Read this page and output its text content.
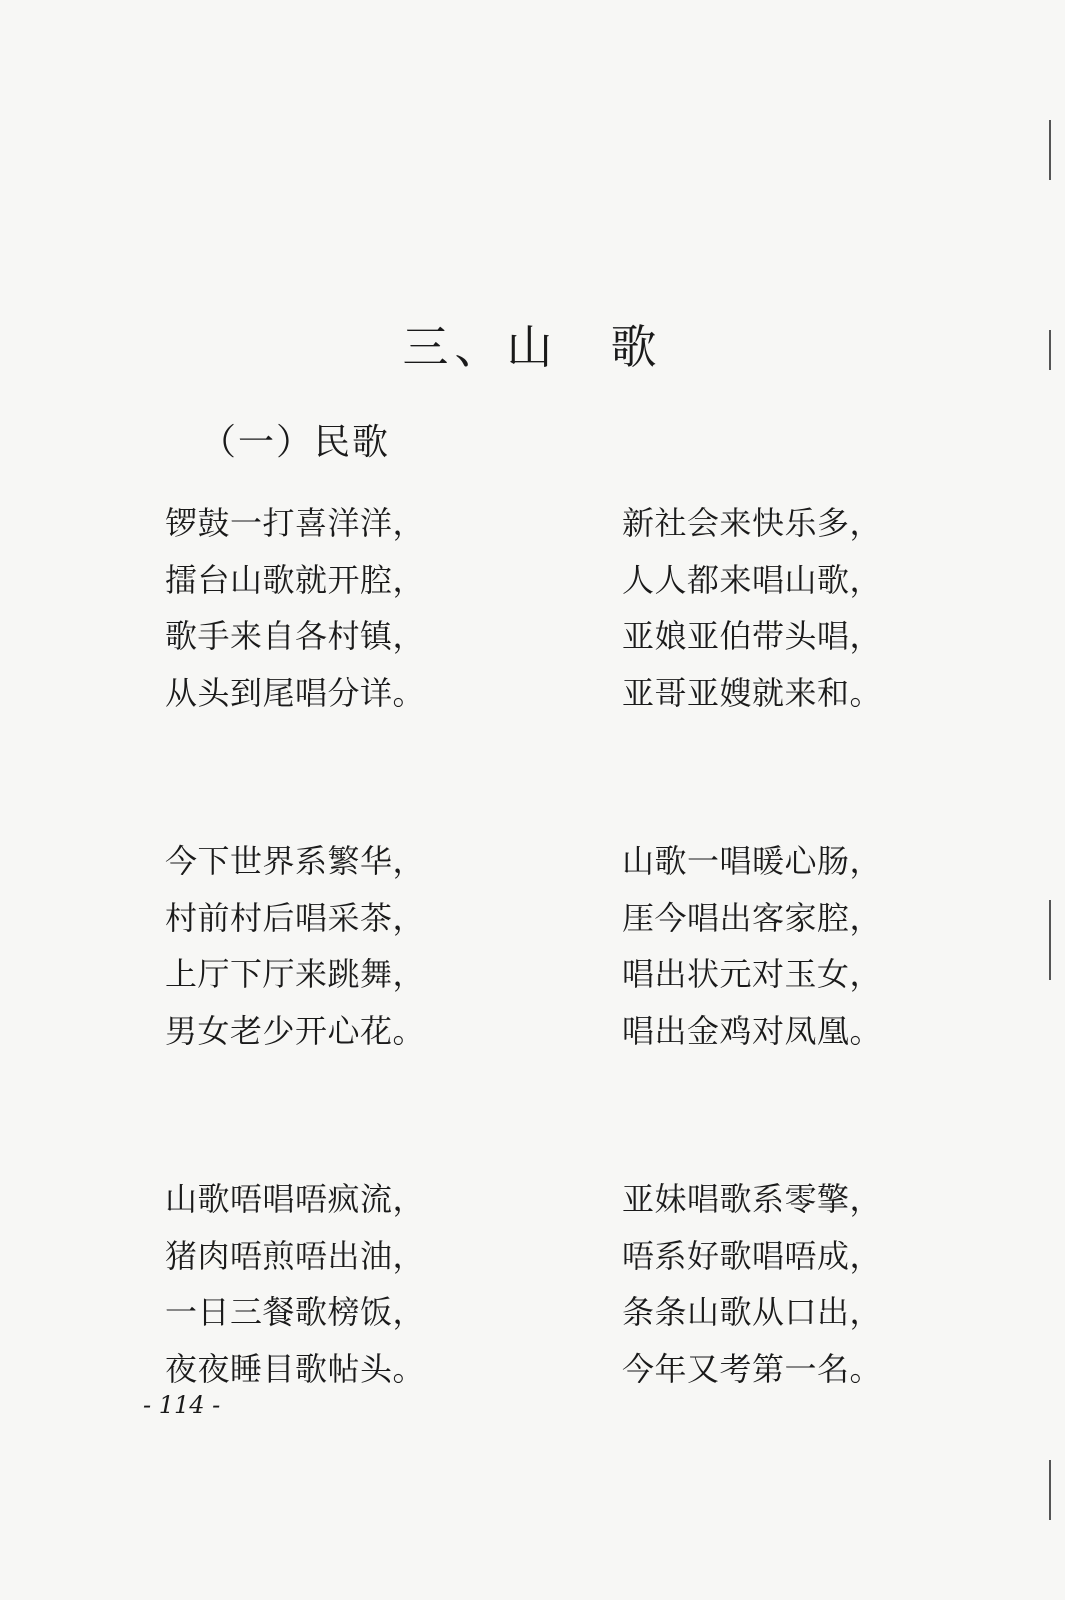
三、山　歌
（一）民歌
锣鼓一打喜洋洋，
擂台山歌就开腔，
歌手来自各村镇，
从头到尾唱分详。
今下世界系繁华，
村前村后唱采茶，
上厅下厅来跳舞，
男女老少开心花。
山歌唔唱唔疯流，
猪肉唔煎唔出油，
一日三餐歌榜饭，
夜夜睡目歌帖头。
新社会来快乐多，
人人都来唱山歌，
亚娘亚伯带头唱，
亚哥亚嫂就来和。
山歌一唱暖心肠，
厓今唱出客家腔，
唱出状元对玉女，
唱出金鸡对凤凰。
亚妹唱歌系零擎，
唔系好歌唱唔成，
条条山歌从口出，
今年又考第一名。
- 114 -
